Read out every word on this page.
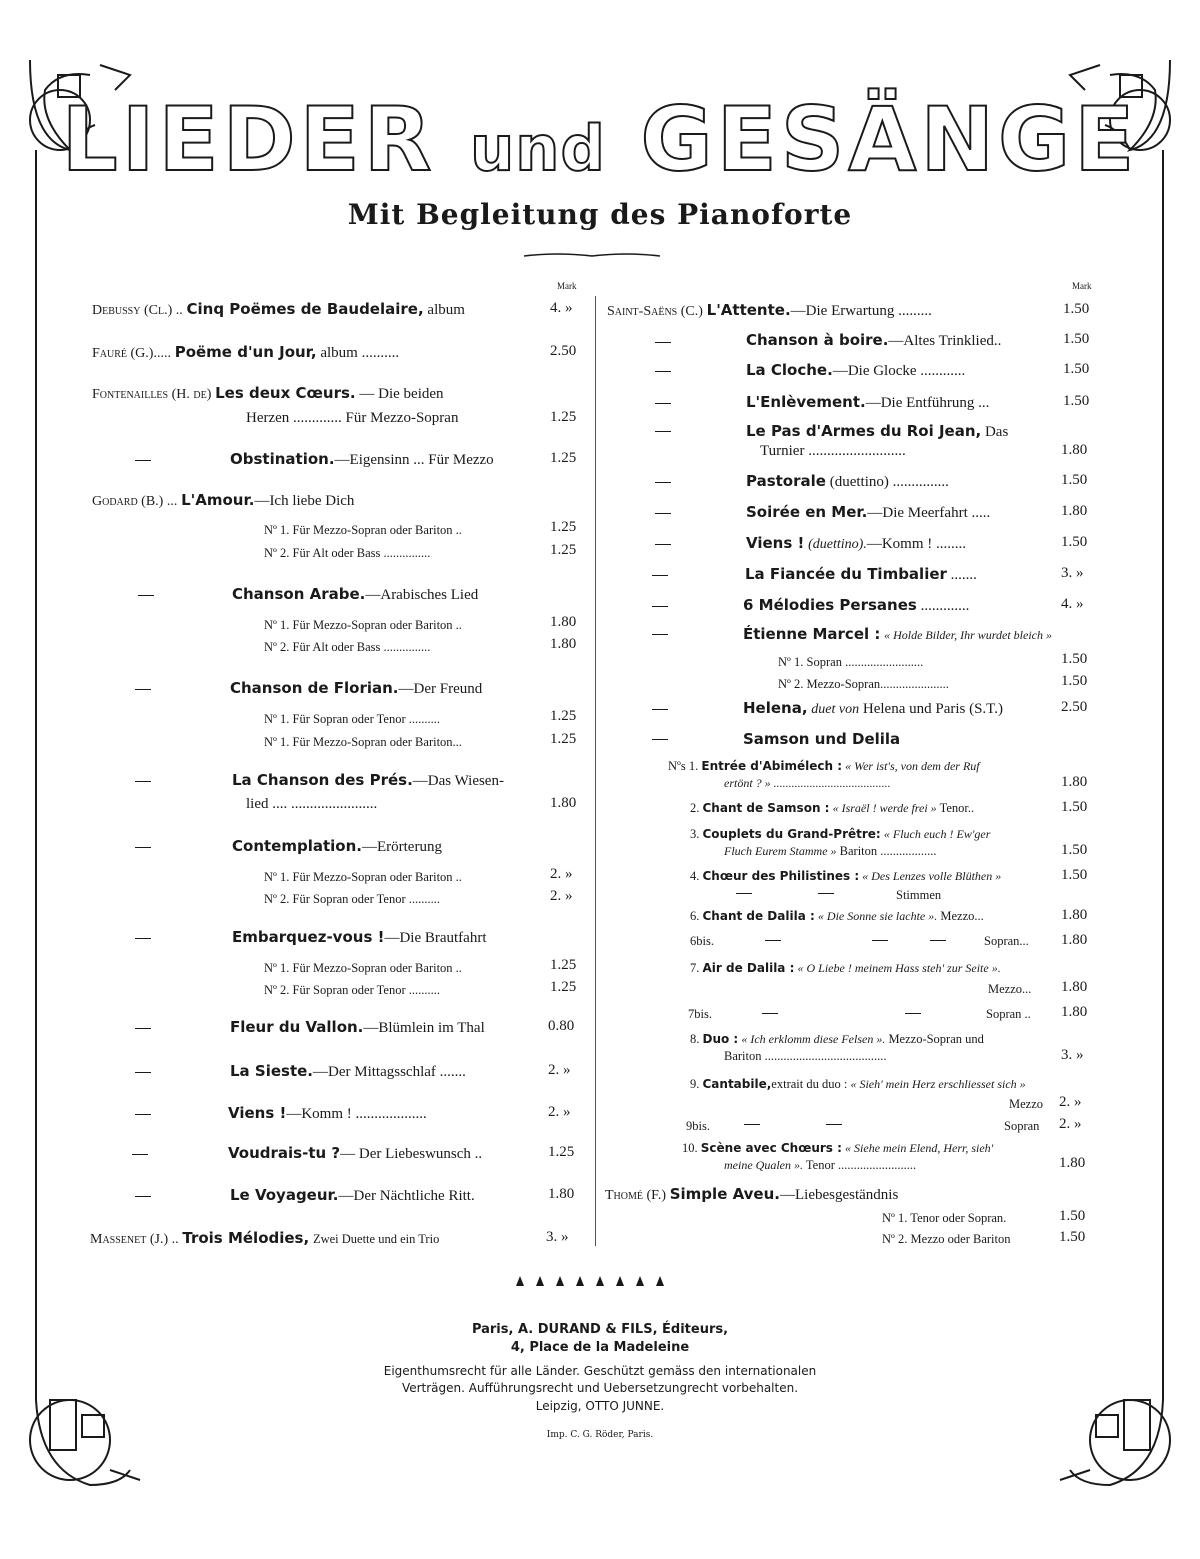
LIEDER und GESÄNGE
Mit Begleitung des Pianoforte
Mark	Mark
Debussy (Cl.) .. Cinq Poëmes de Baudelaire, album	4. »
Fauré (G.)..... Poëme d'un Jour, album ..........	2.50
Fontenailles (H. de) Les deux Cœurs. — Die beiden
Herzen ............. Für Mezzo-Sopran	1.25
Obstination.—Eigensinn ... Für Mezzo	1.25
Godard (B.) ... L'Amour.—Ich liebe Dich
Nº 1. Für Mezzo-Sopran oder Bariton ..	1.25
Nº 2. Für Alt oder Bass ...............	1.25
Chanson Arabe.—Arabisches Lied
Nº 1. Für Mezzo-Sopran oder Bariton ..	1.80
Nº 2. Für Alt oder Bass ...............	1.80
Chanson de Florian.—Der Freund
Nº 1. Für Sopran oder Tenor ..........	1.25
Nº 1. Für Mezzo-Sopran oder Bariton...	1.25
La Chanson des Prés.—Das Wiesen-
lied .... .......................	1.80
Contemplation.—Erörterung
Nº 1. Für Mezzo-Sopran oder Bariton ..	2. »
Nº 2. Für Sopran oder Tenor ..........	2. »
Embarquez-vous !—Die Brautfahrt
Nº 1. Für Mezzo-Sopran oder Bariton ..	1.25
Nº 2. Für Sopran oder Tenor ..........	1.25
Fleur du Vallon.—Blümlein im Thal	0.80
La Sieste.—Der Mittagsschlaf .......	2. »
Viens !—Komm ! ...................	2. »
Voudrais-tu ?— Der Liebeswunsch ..	1.25
Le Voyageur.—Der Nächtliche Ritt.	1.80
Massenet (J.) .. Trois Mélodies, Zwei Duette und ein Trio	3. »
Saint-Saëns (C.) L'Attente.—Die Erwartung .........	1.50
Chanson à boire.—Altes Trinklied..	1.50
La Cloche.—Die Glocke ............	1.50
L'Enlèvement.—Die Entführung ...	1.50
Le Pas d'Armes du Roi Jean, Das
Turnier ..........................	1.80
Pastorale (duettino) ...............	1.50
Soirée en Mer.—Die Meerfahrt .....	1.80
Viens ! (duettino).—Komm ! ........	1.50
La Fiancée du Timbalier .......	3. »
6 Mélodies Persanes .............	4. »
Étienne Marcel : « Holde Bilder, Ihr wurdet bleich »
Nº 1. Sopran .........................	1.50
Nº 2. Mezzo-Sopran......................	1.50
Helena, duet von Helena und Paris (S.T.)	2.50
Samson und Delila
Nºs 1. Entrée d'Abimélech : « Wer ist's, von dem der Ruf
ertönt ? » .......................................	1.80
2. Chant de Samson : « Israël ! werde frei » Tenor..	1.50
3. Couplets du Grand-Prêtre: « Fluch euch ! Ew'ger
Fluch Eurem Stamme » Bariton ..................	1.50
4. Chœur des Philistines : « Des Lenzes volle Blüthen »	1.50
Stimmen
6. Chant de Dalila : « Die Sonne sie lachte ». Mezzo...	1.80
6bis.	Sopran... 1.80
7. Air de Dalila : « O Liebe ! meinem Hass steh' zur Seite ».
Mezzo... 1.80
7bis.	Sopran .. 1.80
8. Duo : « Ich erklomm diese Felsen ». Mezzo-Sopran und
Bariton .......................................	3. »
9. Cantabile,extrait du duo : « Sieh' mein Herz erschliesset sich »
Mezzo 2. »
9bis.	Sopran 2. »
10. Scène avec Chœurs : « Siehe mein Elend, Herr, sieh'
meine Qualen ». Tenor .........................	1.80
Thomé (F.) Simple Aveu.—Liebesgeständnis
Nº 1. Tenor oder Sopran.	1.50
Nº 2. Mezzo oder Bariton	1.50
Paris, A. DURAND & FILS, Éditeurs,
4, Place de la Madeleine
Eigenthumsrecht für alle Länder. Geschützt gemäss den internationalen
Verträgen. Aufführungsrecht und Uebersetzungrecht vorbehalten.
Leipzig, OTTO JUNNE.
Imp. C. G. Röder, Paris.
